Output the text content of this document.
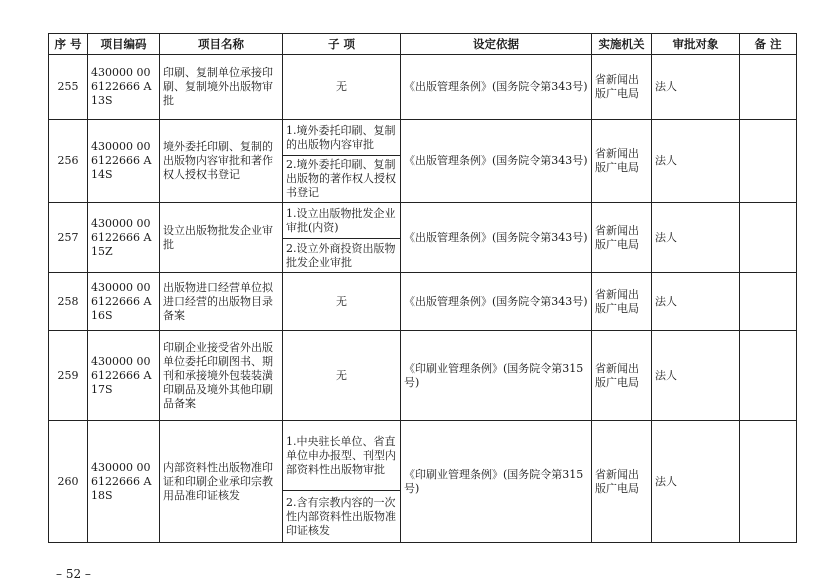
序 号	项目编码	项目名称	子 项	设定依据	实施机关	审批对象	备 注
255	430000 006122666 A13S	印刷、复制单位承接印刷、复制境外出版物审批	无	《出版管理条例》(国务院令第343号)	省新闻出版广电局	法人	
256	430000 006122666 A14S	境外委托印刷、复制的出版物内容审批和著作权人授权书登记	1.境外委托印刷、复制的出版物内容审批	《出版管理条例》(国务院令第343号)	省新闻出版广电局	法人	
			2.境外委托印刷、复制出版物的著作权人授权书登记				
257	430000 006122666 A15Z	设立出版物批发企业审批	1.设立出版物批发企业审批(内资)	《出版管理条例》(国务院令第343号)	省新闻出版广电局	法人	
			2.设立外商投资出版物批发企业审批				
258	430000 006122666 A16S	出版物进口经营单位拟进口经营的出版物目录备案	无	《出版管理条例》(国务院令第343号)	省新闻出版广电局	法人	
259	430000 006122666 A17S	印刷企业接受省外出版单位委托印刷图书、期刊和承接境外包装装潢印刷品及境外其他印刷品备案	无	《印刷业管理条例》(国务院令第315号)	省新闻出版广电局	法人	
260	430000 006122666 A18S	内部资料性出版物准印证和印刷企业承印宗教用品准印证核发	1.中央驻长单位、省直单位申办报型、刊型内部资料性出版物审批	《印刷业管理条例》(国务院令第315号)	省新闻出版广电局	法人	
			2.含有宗教内容的一次性内部资料性出版物准印证核发				
– 52 –
